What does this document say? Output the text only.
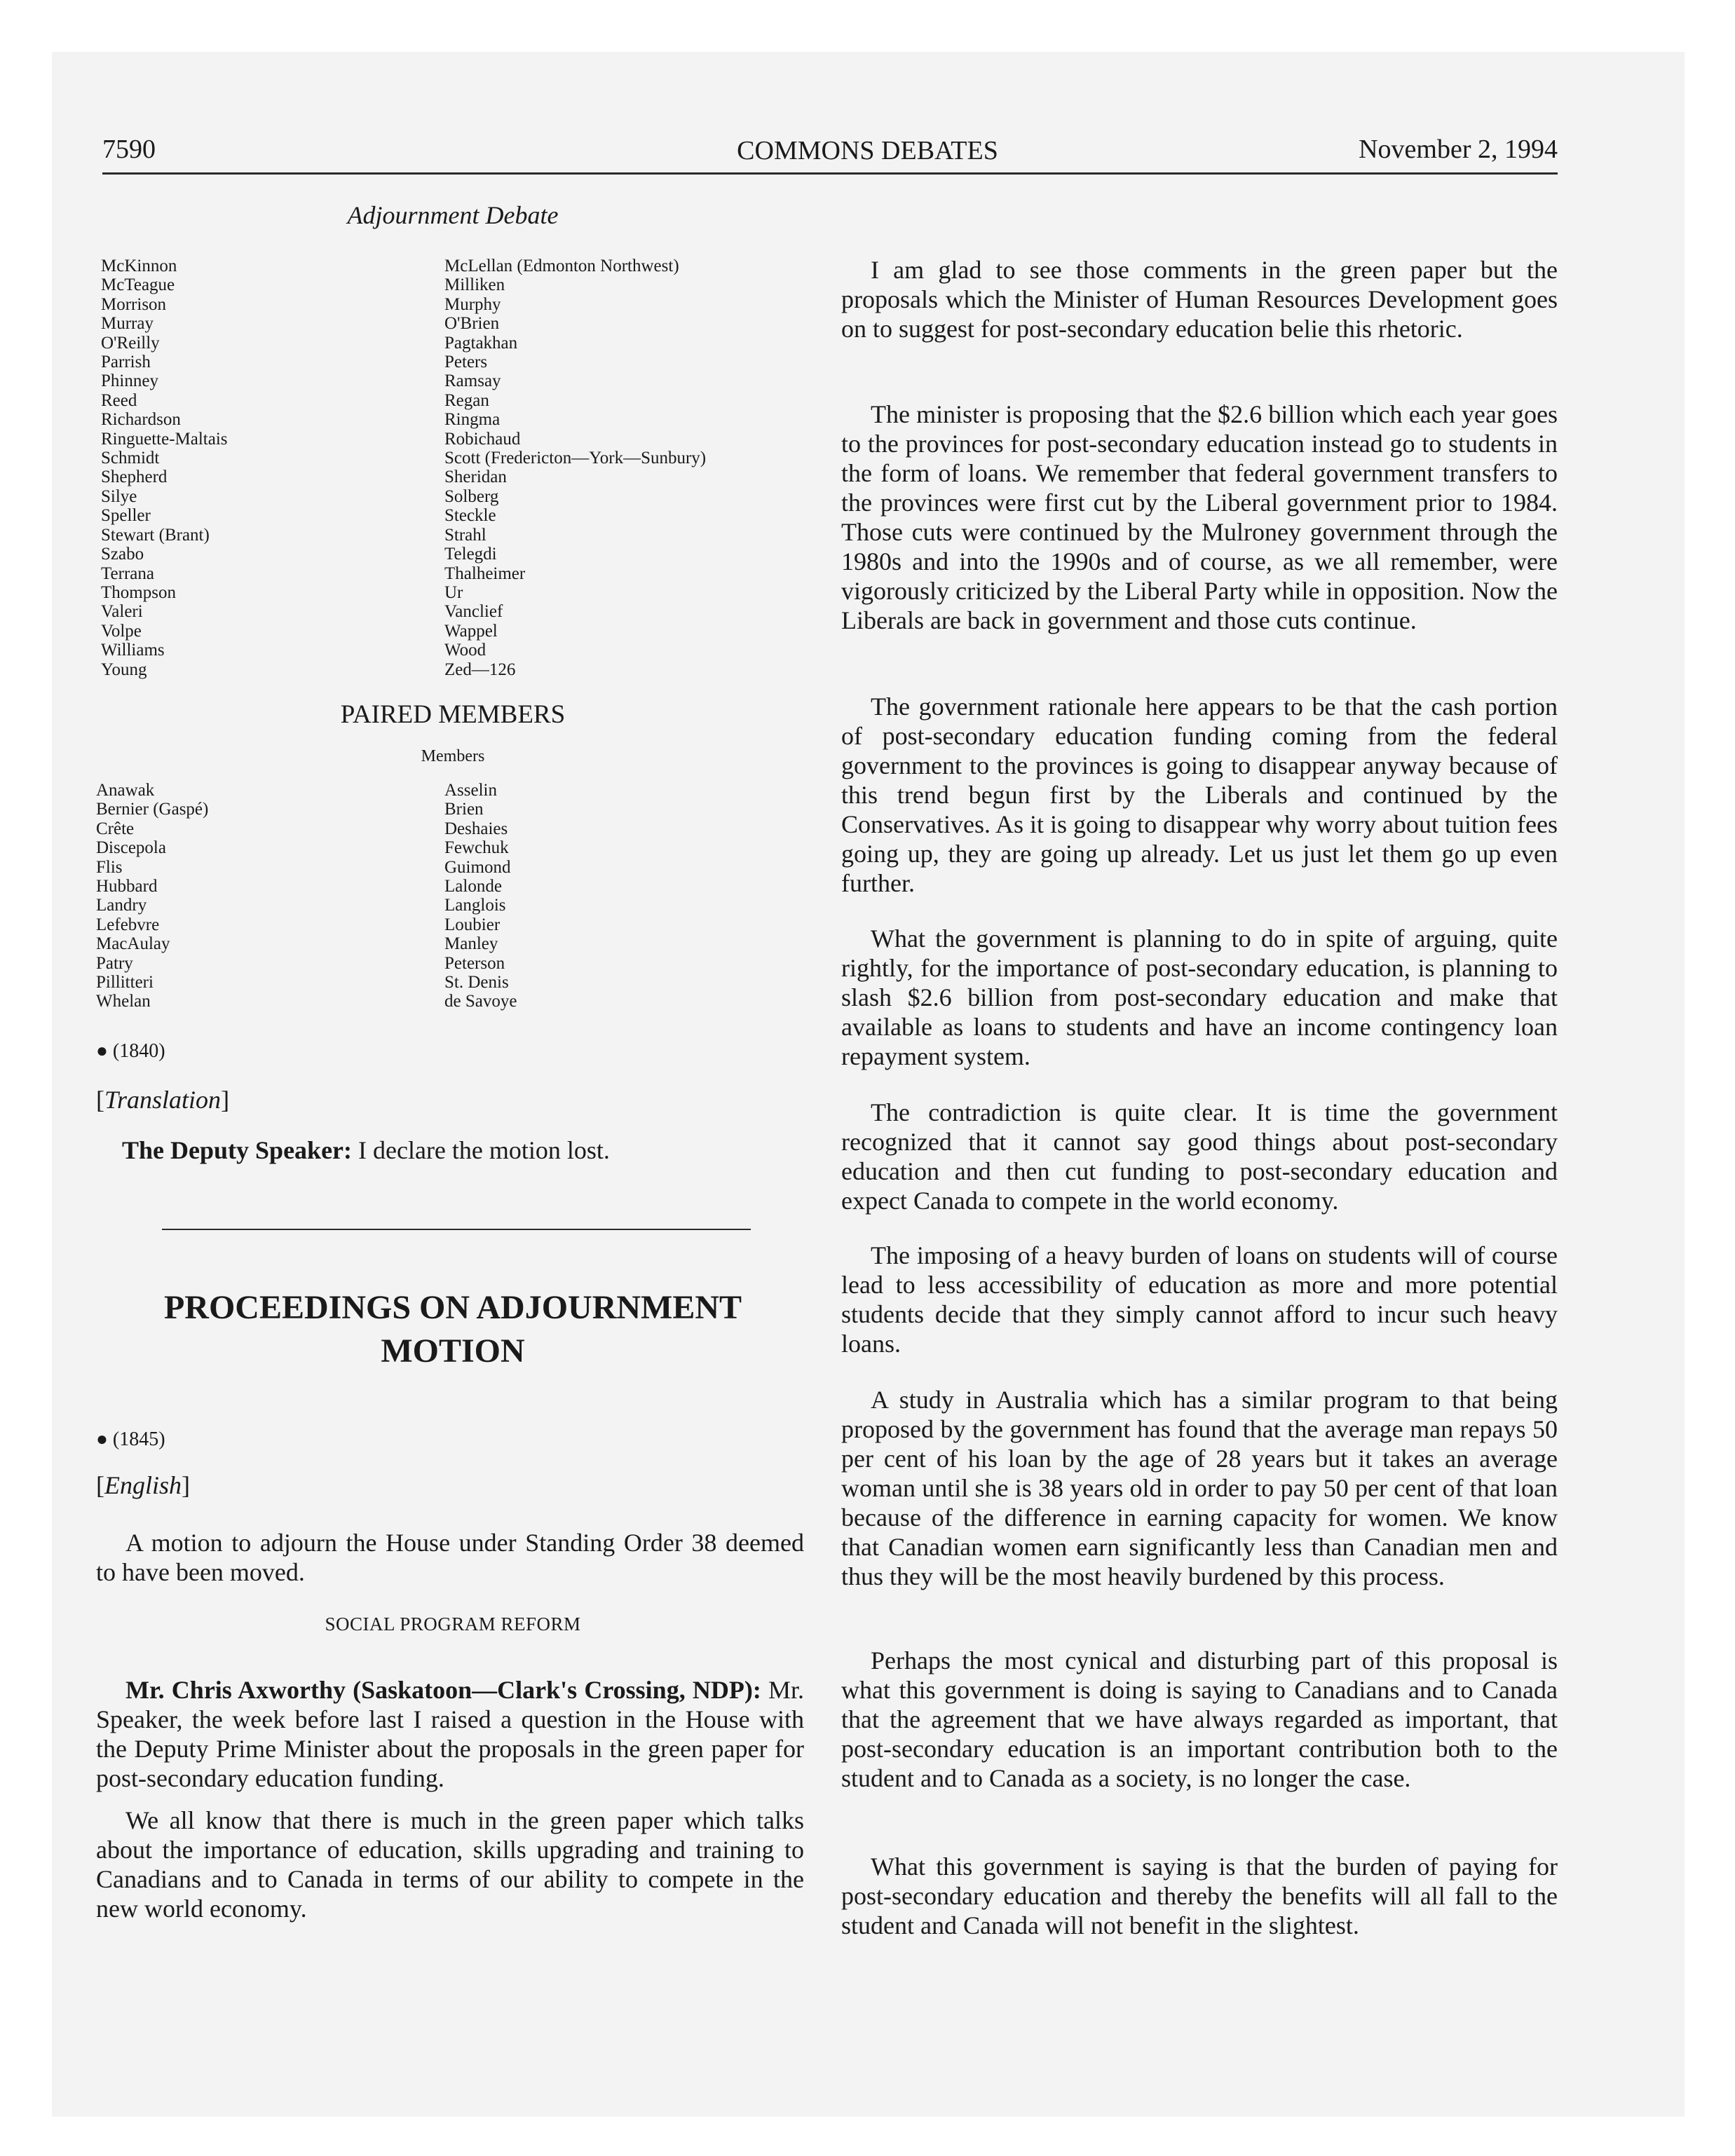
7590	COMMONS DEBATES	November 2, 1994
Adjournment Debate
McKinnon
McTeague
Morrison
Murray
O'Reilly
Parrish
Phinney
Reed
Richardson
Ringuette-Maltais
Schmidt
Shepherd
Silye
Speller
Stewart (Brant)
Szabo
Terrana
Thompson
Valeri
Volpe
Williams
Young
McLellan (Edmonton Northwest)
Milliken
Murphy
O'Brien
Pagtakhan
Peters
Ramsay
Regan
Ringma
Robichaud
Scott (Fredericton—York—Sunbury)
Sheridan
Solberg
Steckle
Strahl
Telegdi
Thalheimer
Ur
Vanclief
Wappel
Wood
Zed—126
PAIRED MEMBERS
Members
Anawak
Bernier (Gaspé)
Crête
Discepola
Flis
Hubbard
Landry
Lefebvre
MacAulay
Patry
Pillitteri
Whelan
Asselin
Brien
Deshaies
Fewchuk
Guimond
Lalonde
Langlois
Loubier
Manley
Peterson
St. Denis
de Savoye
● (1840)
[Translation]
The Deputy Speaker: I declare the motion lost.
PROCEEDINGS ON ADJOURNMENT MOTION
● (1845)
[English]
A motion to adjourn the House under Standing Order 38 deemed to have been moved.
SOCIAL PROGRAM REFORM
Mr. Chris Axworthy (Saskatoon—Clark's Crossing, NDP): Mr. Speaker, the week before last I raised a question in the House with the Deputy Prime Minister about the proposals in the green paper for post-secondary education funding.
We all know that there is much in the green paper which talks about the importance of education, skills upgrading and training to Canadians and to Canada in terms of our ability to compete in the new world economy.
I am glad to see those comments in the green paper but the proposals which the Minister of Human Resources Development goes on to suggest for post-secondary education belie this rhetoric.
The minister is proposing that the $2.6 billion which each year goes to the provinces for post-secondary education instead go to students in the form of loans. We remember that federal government transfers to the provinces were first cut by the Liberal government prior to 1984. Those cuts were continued by the Mulroney government through the 1980s and into the 1990s and of course, as we all remember, were vigorously criticized by the Liberal Party while in opposition. Now the Liberals are back in government and those cuts continue.
The government rationale here appears to be that the cash portion of post-secondary education funding coming from the federal government to the provinces is going to disappear anyway because of this trend begun first by the Liberals and continued by the Conservatives. As it is going to disappear why worry about tuition fees going up, they are going up already. Let us just let them go up even further.
What the government is planning to do in spite of arguing, quite rightly, for the importance of post-secondary education, is planning to slash $2.6 billion from post-secondary education and make that available as loans to students and have an income contingency loan repayment system.
The contradiction is quite clear. It is time the government recognized that it cannot say good things about post-secondary education and then cut funding to post-secondary education and expect Canada to compete in the world economy.
The imposing of a heavy burden of loans on students will of course lead to less accessibility of education as more and more potential students decide that they simply cannot afford to incur such heavy loans.
A study in Australia which has a similar program to that being proposed by the government has found that the average man repays 50 per cent of his loan by the age of 28 years but it takes an average woman until she is 38 years old in order to pay 50 per cent of that loan because of the difference in earning capacity for women. We know that Canadian women earn significantly less than Canadian men and thus they will be the most heavily burdened by this process.
Perhaps the most cynical and disturbing part of this proposal is what this government is doing is saying to Canadians and to Canada that the agreement that we have always regarded as important, that post-secondary education is an important contribution both to the student and to Canada as a society, is no longer the case.
What this government is saying is that the burden of paying for post-secondary education and thereby the benefits will all fall to the student and Canada will not benefit in the slightest.
